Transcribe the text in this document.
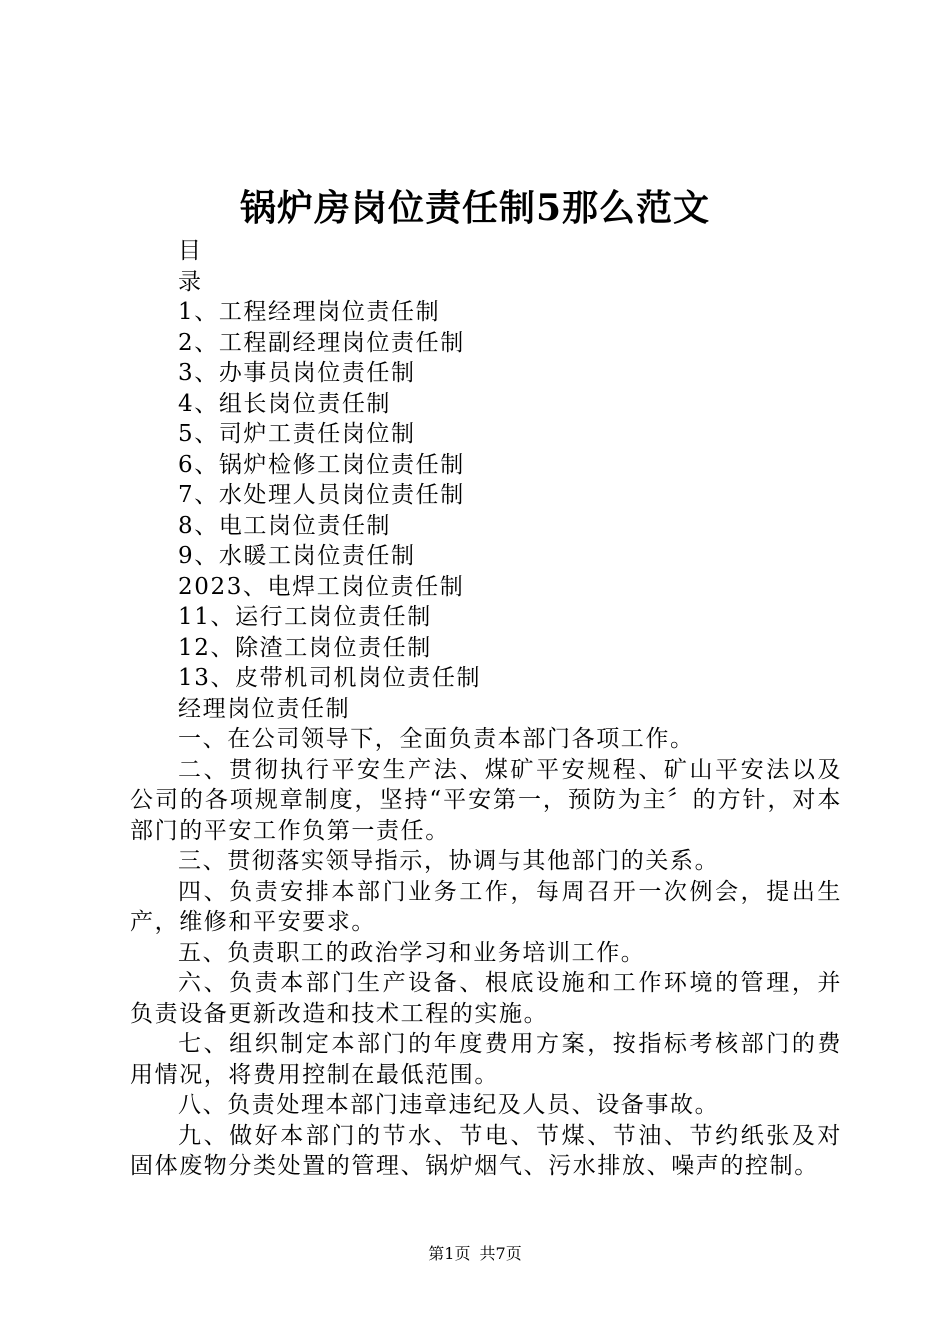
锅炉房岗位责任制5那么范文

目

录

1、工程经理岗位责任制

2、工程副经理岗位责任制

3、办事员岗位责任制

4、组长岗位责任制

5、司炉工责任岗位制

6、锅炉检修工岗位责任制

7、水处理人员岗位责任制

8、电工岗位责任制

9、水暖工岗位责任制

2023、电焊工岗位责任制

11、运行工岗位责任制

12、除渣工岗位责任制

13、皮带机司机岗位责任制

经理岗位责任制

一、在公司领导下，全面负责本部门各项工作。

二、贯彻执行平安生产法、煤矿平安规程、矿山平安法以及公司的各项规章制度，坚持“平安第一，预防为主〞的方针，对本部门的平安工作负第一责任。

三、贯彻落实领导指示，协调与其他部门的关系。

四、负责安排本部门业务工作，每周召开一次例会，提出生产，维修和平安要求。

五、负责职工的政治学习和业务培训工作。

六、负责本部门生产设备、根底设施和工作环境的管理，并负责设备更新改造和技术工程的实施。

七、组织制定本部门的年度费用方案，按指标考核部门的费用情况，将费用控制在最低范围。

八、负责处理本部门违章违纪及人员、设备事故。

九、做好本部门的节水、节电、节煤、节油、节约纸张及对固体废物分类处置的管理、锅炉烟气、污水排放、噪声的控制。

第1页 共7页
